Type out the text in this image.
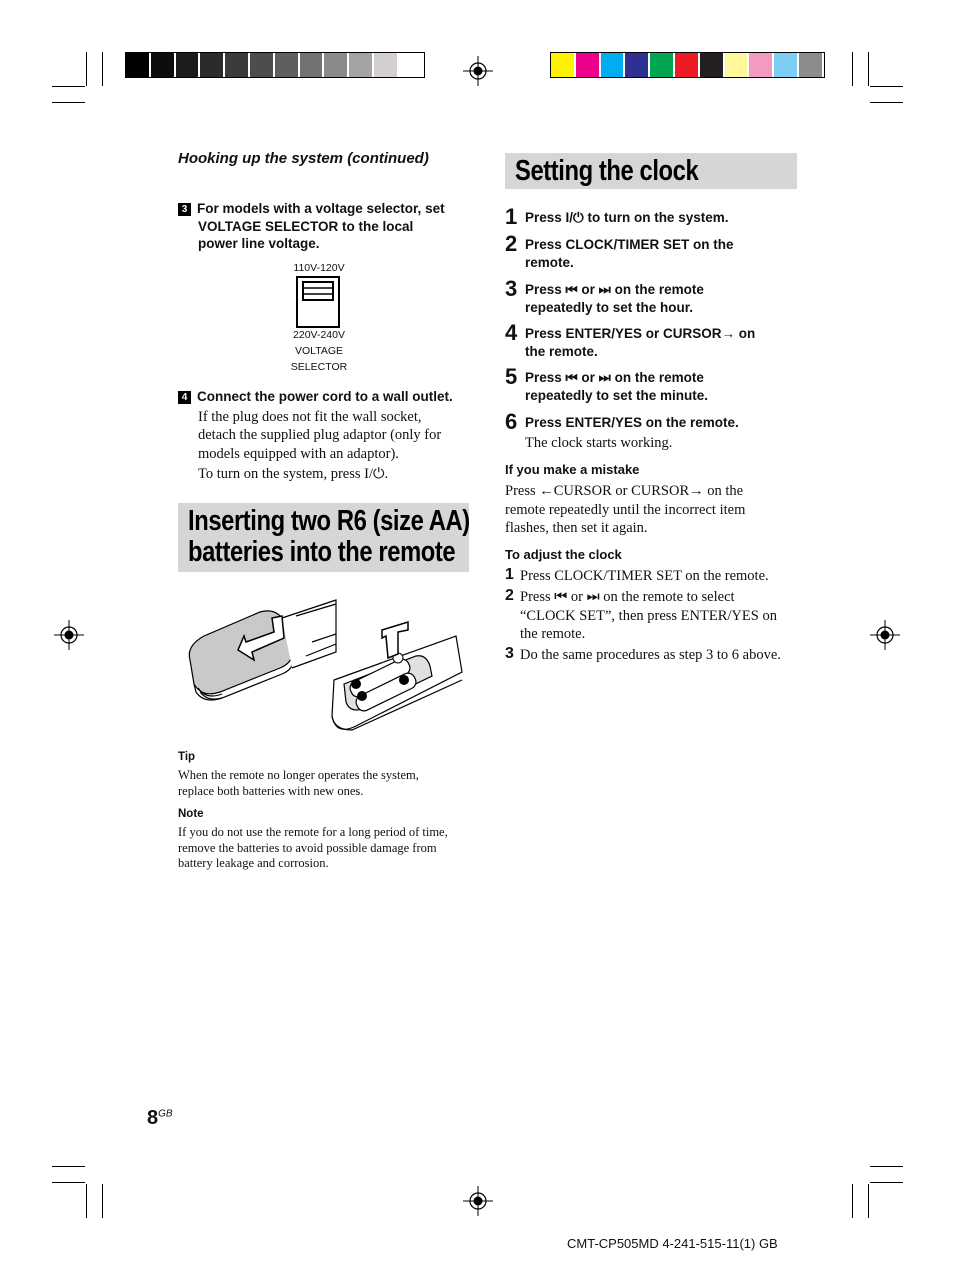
Hooking up the system (continued)
3 For models with a voltage selector, set
VOLTAGE SELECTOR to the local
power line voltage.
110V-120V
220V-240V
VOLTAGE
SELECTOR
4 Connect the power cord to a wall outlet.
If the plug does not fit the wall socket,
detach the supplied plug adaptor (only for
models equipped with an adaptor).
To turn on the system, press I/⏻.
Inserting two R6 (size AA)
batteries into the remote
Tip
When the remote no longer operates the system,
replace both batteries with new ones.
Note
If you do not use the remote for a long period of time,
remove the batteries to avoid possible damage from
battery leakage and corrosion.
Setting the clock
1 Press I/⏻ to turn on the system.
2 Press CLOCK/TIMER SET on the
remote.
3 Press ⏮ or ⏭ on the remote
repeatedly to set the hour.
4 Press ENTER/YES or CURSOR→ on
the remote.
5 Press ⏮ or ⏭ on the remote
repeatedly to set the minute.
6 Press ENTER/YES on the remote.
The clock starts working.
If you make a mistake
Press ←CURSOR or CURSOR→ on the
remote repeatedly until the incorrect item
flashes, then set it again.
To adjust the clock
1 Press CLOCK/TIMER SET on the remote.
2 Press ⏮ or ⏭ on the remote to select
“CLOCK SET”, then press ENTER/YES on
the remote.
3 Do the same procedures as step 3 to 6 above.
$8^{GB}$
CMT-CP505MD 4-241-515-11(1) GB
